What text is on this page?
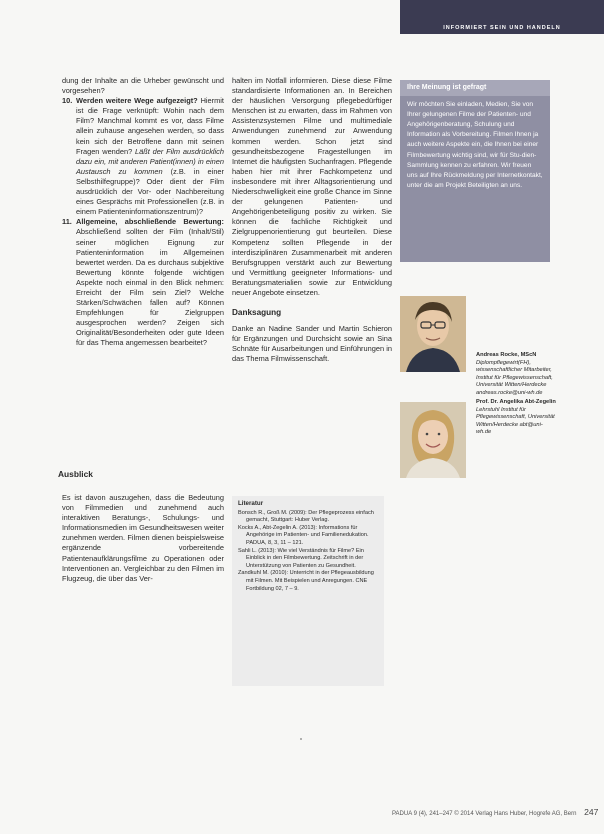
INFORMIERT SEIN UND HANDELN

dung der Inhalte an die Urheber gewünscht und vorgesehen?

10. Werden weitere Wege aufgezeigt? Hiermit ist die Frage verknüpft: Wohin nach dem Film? Manchmal kommt es vor, dass Filme allein zuhause angesehen werden, so dass kein sich der Betroffene dann mit seinen Fragen wenden? Läßt der Film ausdrücklich dazu ein, mit anderen Patient(innen) in einen Austausch zu kommen (z.B. in einer Selbsthilfegruppe)? Oder dient der Film ausdrücklich der Vor- oder Nachbereitung eines Gesprächs mit Professionellen (z.B. in einem Patienteninformationszentrum)?
11. Allgemeine, abschließende Bewertung: Abschließend sollten der Film (Inhalt/Stil) seiner möglichen Eignung zur Patienteninformation im Allgemeinen bewertet werden. Da es durchaus subjektive Bewertung könnte folgende wichtigen Aspekte noch einmal in den Blick nehmen: Erreicht der Film sein Ziel? Welche Stärken/Schwächen fallen auf? Können Empfehlungen für Zielgruppen ausgesprochen werden? Zeigen sich Originalität/Besonderheiten oder gute Ideen für das Thema angemessen bearbeitet?
Ausblick

Es ist davon auszugehen, dass die Bedeutung von Filmmedien und zunehmend auch interaktiven Beratungs-, Schulungs- und Informationsmedien im Gesundheitswesen weiter zunehmen werden. Filmen dienen beispielsweise ergänzende vorbereitende Patientenaufklärungsfilme zu Operationen oder Interventionen an. Vergleichbar zu den Filmen im Flugzeug, die über das Ver-

halten im Notfall informieren. Diese diese Filme standardisierte Informationen an. In Bereichen der häuslichen Versorgung pflegebedürftiger Menschen ist zu erwarten, dass im Rahmen von Assistenzsystemen Filme und multimediale Anwendungen zunehmend zur Anwendung kommen werden. Schon jetzt sind gesundheitsbezogene Fragestellungen im Internet die häufigsten Suchanfragen. Pflegende haben hier mit ihrer Fachkompetenz und insbesondere mit ihrer Alltagsorientierung und Niederschwelligkeit eine große Chance im Sinne der gelungenen Patienten- und Angehörigenbeteiligung positiv zu wirken. Sie können die fachliche Richtigkeit und Zielgruppenorientierung gut beurteilen. Diese Kompetenz sollten Pflegende in der interdisziplinären Zusammenarbeit mit anderen Berufsgruppen verstärkt auch zur Bewertung und Vermittlung geeigneter Informations- und Beratungsmaterialien sowie zur Entwicklung neuer Angebote einsetzen.

Danksagung

Danke an Nadine Sander und Martin Schieron für Ergänzungen und Durchsicht sowie an Sina Schnäte für Ausarbeitungen und Einführungen in das Thema Filmwissenschaft.

Ihre Meinung ist gefragt
Wir möchten Sie einladen, Medien, Sie von Ihrer gelungenen Filme der Patienten- und Angehörigenberatung, Schulung und Information als Vorbereitung. Filmen Ihnen ja auch weitere Aspekte ein, die Ihnen bei einer Filmbewertung wichtig sind, wir für Stu-dien-Sammlung kennen zu erfahren. Wir freuen uns auf Ihre Rückmeldung per Internetkontakt, unter die am Projekt Beteiligten an uns.
Andreas Rocke, MScN
Diplompflegewirt(FH), wissenschaftlicher Mitarbeiter, Institut für Pflegewissenschaft, Universität Witten/Herdecke andreas.rocke@uni-wh.de
Prof. Dr. Angelika Abt-Zegelin
Lehrstuhl Institut für Pflegewissenschaft, Universität Witten/Herdecke abt@uni-wh.de
Literatur

Bonsch R., Groß M. (2009): Der Pflegeprozess einfach gemacht, Stuttgart: Huber Verlag.

Kocks A., Abt-Zegelin A. (2013): Informations für Angehörige im Patienten- und Familienedukation. PADUA, 8, 3, 11 – 121.

Sahli L. (2013): Wie viel Verständnis für Filme? Ein Einblick in den Filmbewertung. Zeitschrift in der Unterstützung von Patienten zu Gesundheit.

Zandkuhl M. (2010): Unterricht in der Pflegeausbildung mit Filmen. Mit Beispielen und Anregungen. CNE Fortbildung 02, 7 – 9.

PADUA 9 (4), 241–247 © 2014 Verlag Hans Huber, Hogrefe AG, Bern 247
